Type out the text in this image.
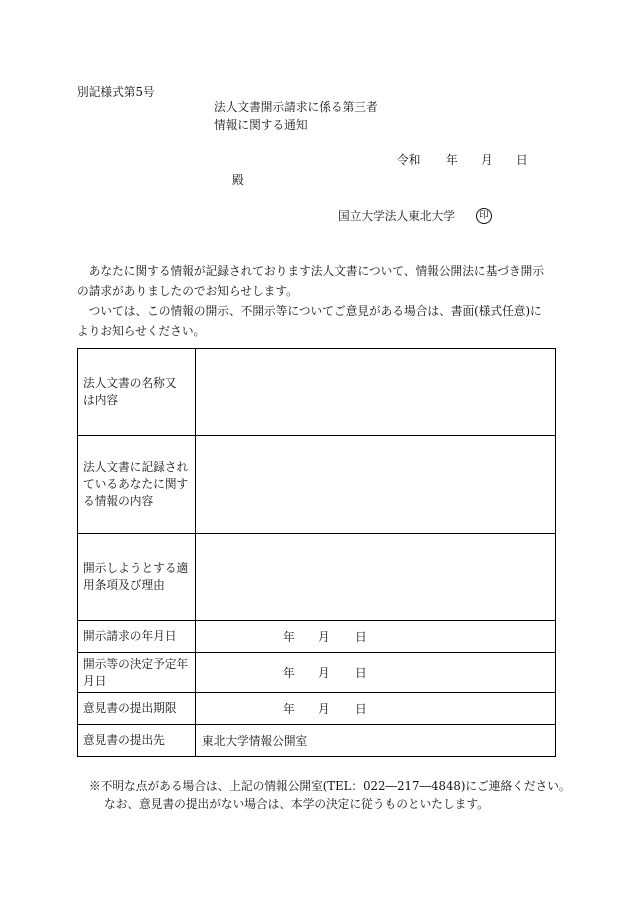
別記様式第5号
法人文書開示請求に係る第三者
情報に関する通知
令和 年 月 日
殿
国立大学法人東北大学	印
　あなたに関する情報が記録されております法人文書について、情報公開法に基づき開示
の請求がありましたのでお知らせします。
　ついては、この情報の開示、不開示等についてご意見がある場合は、書面(様式任意)に
よりお知らせください。
法人文書の名称又
は内容	

法人文書に記録され
ているあなたに関す
る情報の内容	

開示しようとする適
用条項及び理由	

開示請求の年月日	年 月 日

開示等の決定予定年
月日	年 月 日

意見書の提出期限	年 月 日

意見書の提出先	東北大学情報公開室
※不明な点がある場合は、上記の情報公開室(TEL：022―217―4848)にご連絡ください。
なお、意見書の提出がない場合は、本学の決定に従うものといたします。
